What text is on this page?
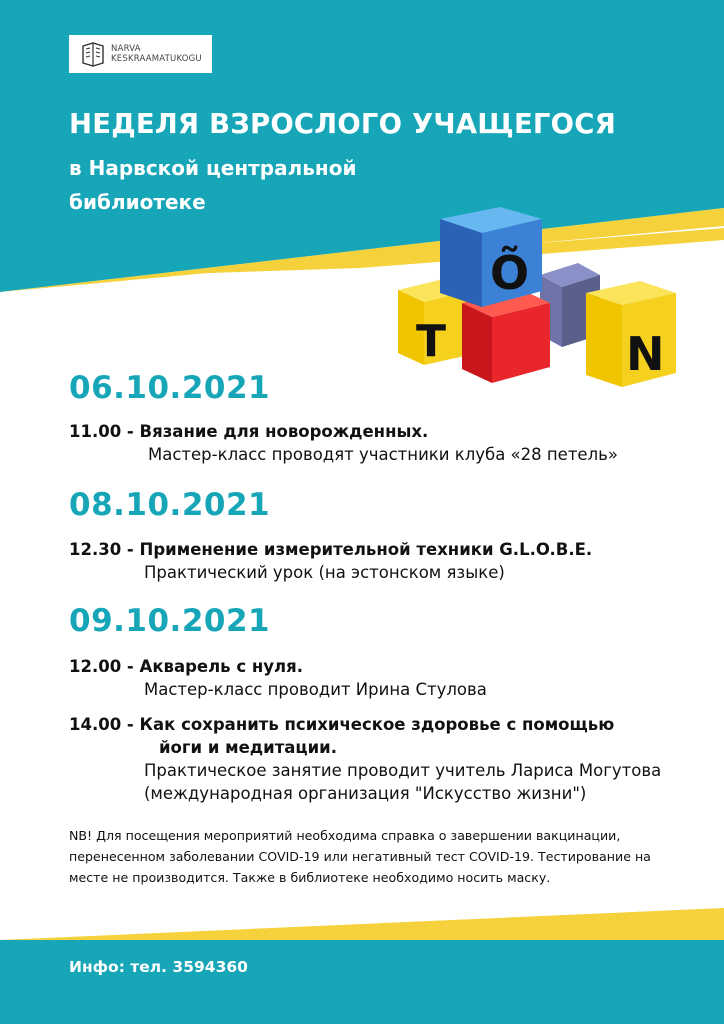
NARVA
KESKRAAMATUKOGU
НЕДЕЛЯ ВЗРОСЛОГО УЧАЩЕГОСЯ
в Нарвской центральной
библиотеке
T
Õ
N
06.10.2021
11.00 - Вязание для новорожденных.
Мастер-класс проводят участники клуба «28 петель»
08.10.2021
12.30 - Применение измерительной техники G.L.O.B.E.
Практический урок (на эстонском языке)
09.10.2021
12.00 - Акварель с нуля.
Мастер-класс проводит Ирина Стулова
14.00 - Как сохранить психическое здоровье с помощью
йоги и медитации.
Практическое занятие проводит учитель Лариса Могутова
(международная организация "Искусство жизни")

NB! Для посещения мероприятий необходима справка о завершении вакцинации, перенесенном заболевании COVID-19 или негативный тест COVID-19. Тестирование на месте не производится. Также в библиотеке необходимо носить маску.

Инфо: тел. 3594360
